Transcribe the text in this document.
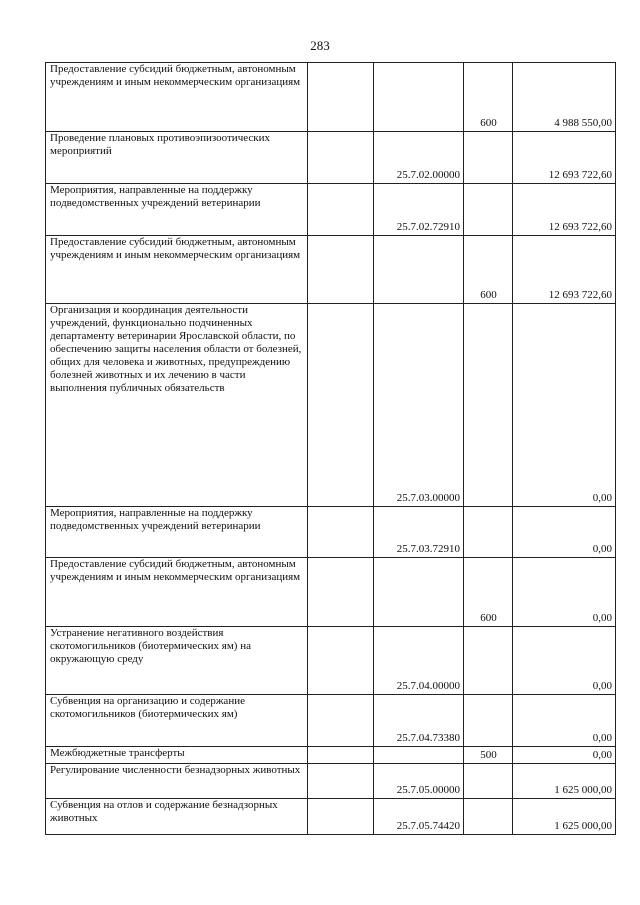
283
Предоставление субсидий бюджетным, автономным учреждениям и иным некоммерческим организациям			600	4 988 550,00
Проведение плановых противоэпизоотических мероприятий		25.7.02.00000		12 693 722,60
Мероприятия, направленные на поддержку подведомственных учреждений ветеринарии		25.7.02.72910		12 693 722,60
Предоставление субсидий бюджетным, автономным учреждениям и иным некоммерческим организациям			600	12 693 722,60
Организация и координация деятельности учреждений, функционально подчиненных департаменту ветеринарии Ярославской области, по обеспечению защиты населения области от болезней, общих для человека и животных, предупреждению болезней животных и их лечению в части выполнения публичных обязательств		25.7.03.00000		0,00
Мероприятия, направленные на поддержку подведомственных учреждений ветеринарии		25.7.03.72910		0,00
Предоставление субсидий бюджетным, автономным учреждениям и иным некоммерческим организациям			600	0,00
Устранение негативного воздействия скотомогильников (биотермических ям) на окружающую среду		25.7.04.00000		0,00
Субвенция на организацию и содержание скотомогильников (биотермических ям)		25.7.04.73380		0,00
Межбюджетные трансферты			500	0,00
Регулирование численности безнадзорных животных		25.7.05.00000		1 625 000,00
Субвенция на отлов и содержание безнадзорных животных		25.7.05.74420		1 625 000,00
